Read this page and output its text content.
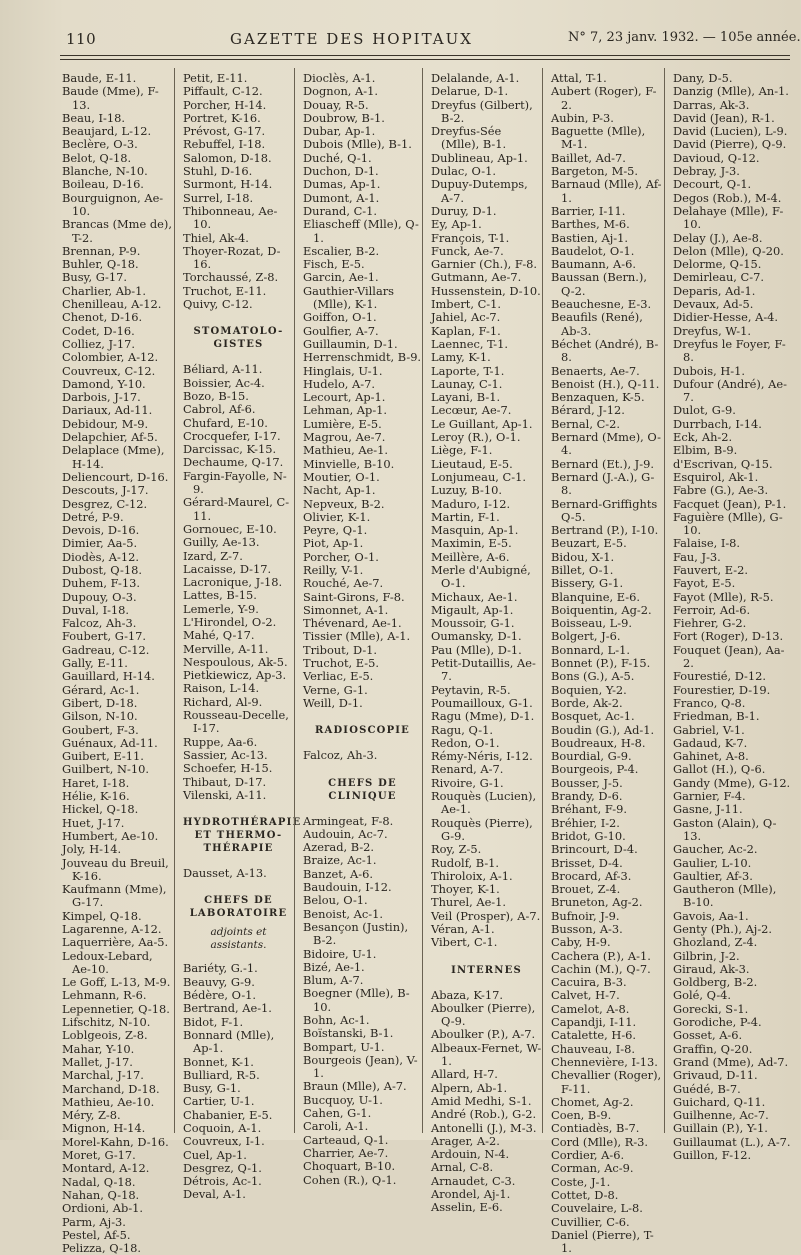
110	GAZETTE DES HOPITAUX	N° 7, 23 janv. 1932. — 105e année.
Baude, E-11.
Baude (Mme), F-13.
Beau, I-18.
Beaujard, L-12.
Beclère, O-3.
Belot, Q-18.
Blanche, N-10.
Boileau, D-16.
Bourguignon, Ae-10.
Brancas (Mme de), T-2.
Brennan, P-9.
Buhler, Q-18.
Busy, G-17.
Charlier, Ab-1.
Chenilleau, A-12.
Chenot, D-16.
Codet, D-16.
Colliez, J-17.
Colombier, A-12.
Couvreux, C-12.
Damond, Y-10.
Darbois, J-17.
Dariaux, Ad-11.
Debidour, M-9.
Delapchier, Af-5.
Delaplace (Mme), H-14.
Deliencourt, D-16.
Descouts, J-17.
Desgrez, C-12.
Detré, P-9.
Devois, D-16.
Dimier, Aa-5.
Diodès, A-12.
Dubost, Q-18.
Duhem, F-13.
Dupouy, O-3.
Duval, I-18.
Falcoz, Ah-3.
Foubert, G-17.
Gadreau, C-12.
Gally, E-11.
Gauillard, H-14.
Gérard, Ac-1.
Gibert, D-18.
Gilson, N-10.
Goubert, F-3.
Guénaux, Ad-11.
Guibert, E-11.
Guilbert, N-10.
Haret, I-18.
Hélie, K-16.
Hickel, Q-18.
Huet, J-17.
Humbert, Ae-10.
Joly, H-14.
Jouveau du Breuil, K-16.
Kaufmann (Mme), G-17.
Kimpel, Q-18.
Lagarenne, A-12.
Laquerrière, Aa-5.
Ledoux-Lebard, Ae-10.
Le Goff, L-13, M-9.
Lehmann, R-6.
Lepennetier, Q-18.
Lifschitz, N-10.
Loblgeois, Z-8.
Mahar, Y-10.
Mallet, J-17.
Marchal, J-17.
Marchand, D-18.
Mathieu, Ae-10.
Méry, Z-8.
Mignon, H-14.
Morel-Kahn, D-16.
Moret, G-17.
Montard, A-12.
Nadal, Q-18.
Nahan, Q-18.
Ordioni, Ab-1.
Parm, Aj-3.
Pestel, Af-5.
Pelizza, Q-18.
Petit, E-11.
Piffault, C-12.
Porcher, H-14.
Portret, K-16.
Prévost, G-17.
Rebuffel, I-18.
Salomon, D-18.
Stuhl, D-16.
Surmont, H-14.
Surrel, I-18.
Thibonneau, Ae-10.
Thiel, Ak-4.
Thoyer-Rozat, D-16.
Torchaussé, Z-8.
Truchot, E-11.
Quivy, C-12.
STOMATOLO-GISTES
Béliard, A-11.
Boissier, Ac-4.
Bozo, B-15.
Cabrol, Af-6.
Chufard, E-10.
Crocquefer, I-17.
Darcissac, K-15.
Dechaume, Q-17.
Fargin-Fayolle, N-9.
Gérard-Maurel, C-11.
Gornouec, E-10.
Guilly, Ae-13.
Izard, Z-7.
Lacaisse, D-17.
Lacronique, J-18.
Lattes, B-15.
Lemerle, Y-9.
L'Hirondel, O-2.
Mahé, Q-17.
Merville, A-11.
Nespoulous, Ak-5.
Pietkiewicz, Ap-3.
Raison, L-14.
Richard, Al-9.
Rousseau-Decelle, I-17.
Ruppe, Aa-6.
Sassier, Ac-13.
Schoefer, H-15.
Thibaut, D-17.
Vilenski, A-11.
HYDROTHÉRAPIE ET THERMO-THÉRAPIE
Dausset, A-13.
CHEFS DE LABORATOIRE
adjoints et assistants.
Bariéty, G.-1.
Beauvy, G-9.
Bédère, O-1.
Bertrand, Ae-1.
Bidot, F-1.
Bonnard (Mlle), Ap-1.
Bonnet, K-1.
Bulliard, R-5.
Busy, G-1.
Cartier, U-1.
Chabanier, E-5.
Coquoin, A-1.
Couvreux, I-1.
Cuel, Ap-1.
Desgrez, Q-1.
Détrois, Ac-1.
Deval, A-1.
Dioclès, A-1.
Dognon, A-1.
Douay, R-5.
Doubrow, B-1.
Dubar, Ap-1.
Dubois (Mlle), B-1.
Duché, Q-1.
Duchon, D-1.
Dumas, Ap-1.
Dumont, A-1.
Durand, C-1.
Eliascheff (Mlle), Q-1.
Escalier, B-2.
Fisch, E-5.
Garcin, Ae-1.
Gauthier-Villars (Mlle), K-1.
Goiffon, O-1.
Goulfier, A-7.
Guillaumin, D-1.
Herrenschmidt, B-9.
Hinglais, U-1.
Hudelo, A-7.
Lecourt, Ap-1.
Lehman, Ap-1.
Lumière, E-5.
Magrou, Ae-7.
Mathieu, Ae-1.
Minvielle, B-10.
Moutier, O-1.
Nacht, Ap-1.
Nepveux, B-2.
Olivier, K-1.
Peyre, Q-1.
Piot, Ap-1.
Porcher, O-1.
Reilly, V-1.
Rouché, Ae-7.
Saint-Girons, F-8.
Simonnet, A-1.
Thévenard, Ae-1.
Tissier (Mlle), A-1.
Tribout, D-1.
Truchot, E-5.
Verliac, E-5.
Verne, G-1.
Weill, D-1.
RADIOSCOPIE
Falcoz, Ah-3.
CHEFS DE CLINIQUE
Armingeat, F-8.
Audouin, Ac-7.
Azerad, B-2.
Braize, Ac-1.
Banzet, A-6.
Baudouin, I-12.
Belou, O-1.
Benoist, Ac-1.
Besançon (Justin), B-2.
Bidoire, U-1.
Bizé, Ae-1.
Blum, A-7.
Boegner (Mlle), B-10.
Bohn, Ac-1.
Boïstanski, B-1.
Bompart, U-1.
Bourgeois (Jean), V-1.
Braun (Mlle), A-7.
Bucquoy, U-1.
Cahen, G-1.
Caroli, A-1.
Carteaud, Q-1.
Charrier, Ae-7.
Choquart, B-10.
Cohen (R.), Q-1.
Delalande, A-1.
Delarue, D-1.
Dreyfus (Gilbert), B-2.
Dreyfus-Sée (Mlle), B-1.
Dublineau, Ap-1.
Dulac, O-1.
Dupuy-Dutemps, A-7.
Duruy, D-1.
Ey, Ap-1.
François, T-1.
Funck, Ae-7.
Garnier (Ch.), F-8.
Gutmann, Ae-7.
Hussenstein, D-10.
Imbert, C-1.
Jahiel, Ac-7.
Kaplan, F-1.
Laennec, T-1.
Lamy, K-1.
Laporte, T-1.
Launay, C-1.
Layani, B-1.
Lecœur, Ae-7.
Le Guillant, Ap-1.
Leroy (R.), O-1.
Liège, F-1.
Lieutaud, E-5.
Lonjumeau, C-1.
Luzuy, B-10.
Maduro, I-12.
Martin, F-1.
Masquin, Ap-1.
Maximin, E-5.
Meillère, A-6.
Merle d'Aubigné, O-1.
Michaux, Ae-1.
Migault, Ap-1.
Moussoir, G-1.
Oumansky, D-1.
Pau (Mlle), D-1.
Petit-Dutaillis, Ae-7.
Peytavin, R-5.
Poumailloux, G-1.
Ragu (Mme), D-1.
Ragu, Q-1.
Redon, O-1.
Rémy-Néris, I-12.
Renard, A-7.
Rivoire, G-1.
Rouquès (Lucien), Ae-1.
Rouquès (Pierre), G-9.
Roy, Z-5.
Rudolf, B-1.
Thiroloix, A-1.
Thoyer, K-1.
Thurel, Ae-1.
Veil (Prosper), A-7.
Véran, A-1.
Vibert, C-1.
INTERNES
Abaza, K-17.
Aboulker (Pierre), Q-9.
Aboulker (P.), A-7.
Albeaux-Fernet, W-1.
Allard, H-7.
Alpern, Ab-1.
Amid Medhi, S-1.
André (Rob.), G-2.
Antonelli (J.), M-3.
Arager, A-2.
Ardouin, N-4.
Arnal, C-8.
Arnaudet, C-3.
Arondel, Aj-1.
Asselin, E-6.
Attal, T-1.
Aubert (Roger), F-2.
Aubin, P-3.
Baguette (Mlle), M-1.
Baillet, Ad-7.
Bargeton, M-5.
Barnaud (Mlle), Af-1.
Barrier, I-11.
Barthes, M-6.
Bastien, Aj-1.
Baudelot, O-1.
Baumann, A-6.
Baussan (Bern.), Q-2.
Beauchesne, E-3.
Beaufils (René), Ab-3.
Béchet (André), B-8.
Benaerts, Ae-7.
Benoist (H.), Q-11.
Benzaquen, K-5.
Bérard, J-12.
Bernal, C-2.
Bernard (Mme), O-4.
Bernard (Et.), J-9.
Bernard (J.-A.), G-8.
Bernard-Griffights Q-5.
Bertrand (P.), I-10.
Beuzart, E-5.
Bidou, X-1.
Billet, O-1.
Bissery, G-1.
Blanquine, E-6.
Boiquentin, Ag-2.
Boisseau, L-9.
Bolgert, J-6.
Bonnard, L-1.
Bonnet (P.), F-15.
Bons (G.), A-5.
Boquien, Y-2.
Borde, Ak-2.
Bosquet, Ac-1.
Boudin (G.), Ad-1.
Boudreaux, H-8.
Bourdial, G-9.
Bourgeois, P-4.
Bousser, J-5.
Brandy, D-6.
Bréhant, F-9.
Bréhier, I-2.
Bridot, G-10.
Brincourt, D-4.
Brisset, D-4.
Brocard, Af-3.
Brouet, Z-4.
Bruneton, Ag-2.
Bufnoir, J-9.
Busson, A-3.
Caby, H-9.
Cachera (P.), A-1.
Cachin (M.), Q-7.
Cacuira, B-3.
Calvet, H-7.
Camelot, A-8.
Capandji, I-11.
Catalette, H-6.
Chauveau, I-8.
Chennevière, I-13.
Chevallier (Roger), F-11.
Chomet, Ag-2.
Coen, B-9.
Contiadès, B-7.
Cord (Mlle), R-3.
Cordier, A-6.
Corman, Ac-9.
Coste, J-1.
Cottet, D-8.
Couvelaire, L-8.
Cuvillier, C-6.
Daniel (Pierre), T-1.
Dany, D-5.
Danzig (Mlle), An-1.
Darras, Ak-3.
David (Jean), R-1.
David (Lucien), L-9.
David (Pierre), Q-9.
Davioud, Q-12.
Debray, J-3.
Decourt, Q-1.
Degos (Rob.), M-4.
Delahaye (Mlle), F-10.
Delay (J.), Ae-8.
Delon (Mlle), Q-20.
Delorme, Q-15.
Demirleau, C-7.
Deparis, Ad-1.
Devaux, Ad-5.
Didier-Hesse, A-4.
Dreyfus, W-1.
Dreyfus le Foyer, F-8.
Dubois, H-1.
Dufour (André), Ae-7.
Dulot, G-9.
Durrbach, I-14.
Eck, Ah-2.
Elbim, B-9.
d'Escrivan, Q-15.
Esquirol, Ak-1.
Fabre (G.), Ae-3.
Facquet (Jean), P-1.
Faguière (Mlle), G-10.
Falaise, I-8.
Fau, J-3.
Fauvert, E-2.
Fayot, E-5.
Fayot (Mlle), R-5.
Ferroir, Ad-6.
Fiehrer, G-2.
Fort (Roger), D-13.
Fouquet (Jean), Aa-2.
Fourestié, D-12.
Fourestier, D-19.
Franco, Q-8.
Friedman, B-1.
Gabriel, V-1.
Gadaud, K-7.
Gahinet, A-8.
Gallot (H.), Q-6.
Gandy (Mme), G-12.
Garnier, F-4.
Gasne, J-11.
Gaston (Alain), Q-13.
Gaucher, Ac-2.
Gaulier, L-10.
Gaultier, Af-3.
Gautheron (Mlle), B-10.
Gavois, Aa-1.
Genty (Ph.), Aj-2.
Ghozland, Z-4.
Gilbrin, J-2.
Giraud, Ak-3.
Goldberg, B-2.
Golé, Q-4.
Gorecki, S-1.
Gorodiche, P-4.
Gosset, A-6.
Graffin, Q-20.
Grand (Mme), Ad-7.
Grivaud, D-11.
Guédé, B-7.
Guichard, Q-11.
Guilhenne, Ac-7.
Guillain (P.), Y-1.
Guillaumat (L.), A-7.
Guillon, F-12.
